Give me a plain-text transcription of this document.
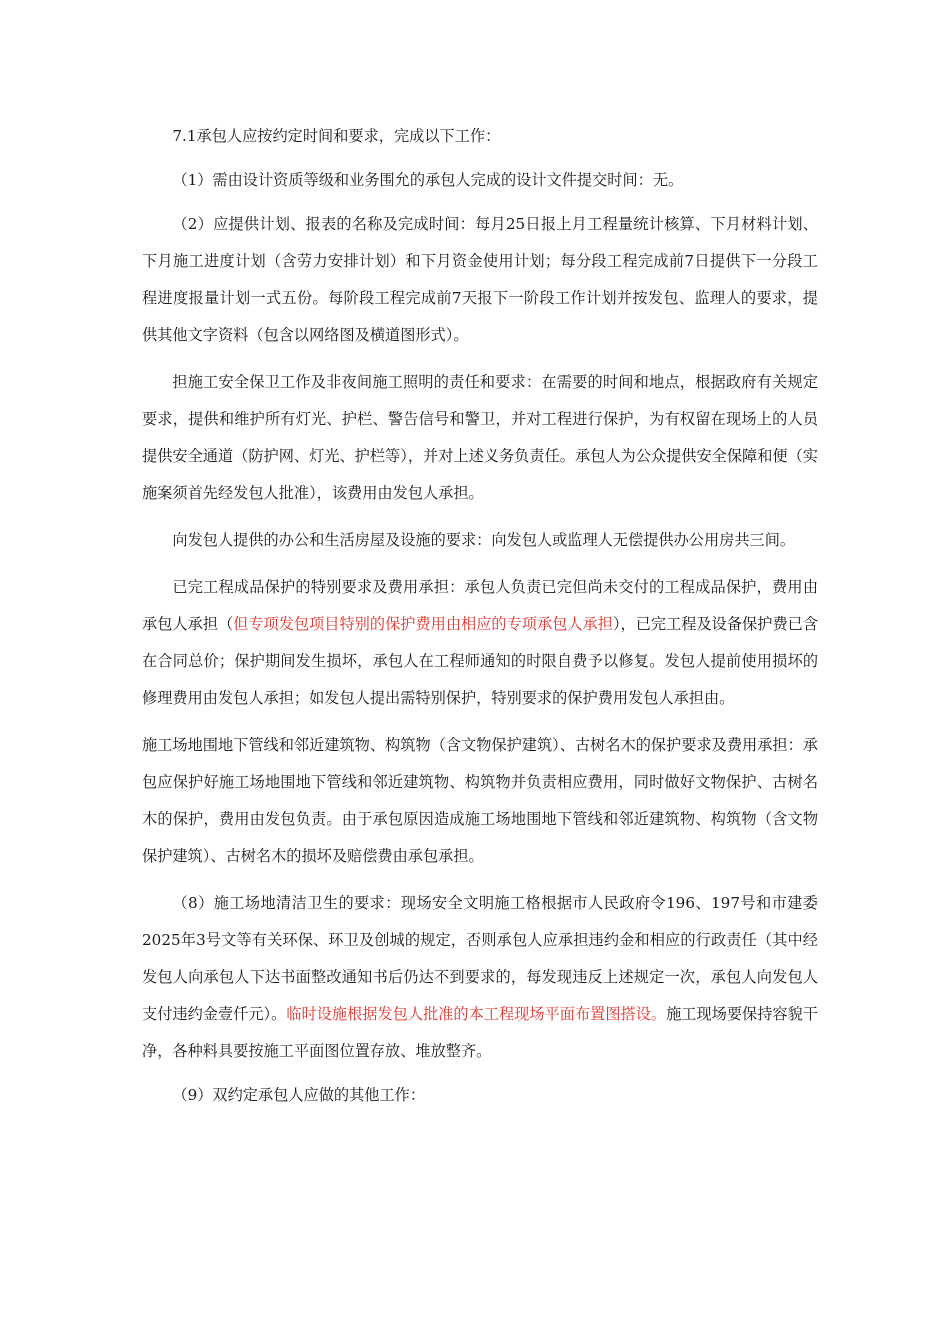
7.1承包人应按约定时间和要求，完成以下工作：

（1）需由设计资质等级和业务围允的承包人完成的设计文件提交时间：无。

（2）应提供计划、报表的名称及完成时间：每月25日报上月工程量统计核算、下月材料计划、下月施工进度计划（含劳力安排计划）和下月资金使用计划；每分段工程完成前7日提供下一分段工程进度报量计划一式五份。每阶段工程完成前7天报下一阶段工作计划并按发包、监理人的要求，提供其他文字资料（包含以网络图及横道图形式）。

担施工安全保卫工作及非夜间施工照明的责任和要求：在需要的时间和地点，根据政府有关规定要求，提供和维护所有灯光、护栏、警告信号和警卫，并对工程进行保护，为有权留在现场上的人员提供安全通道（防护网、灯光、护栏等），并对上述义务负责任。承包人为公众提供安全保障和便（实施案须首先经发包人批准），该费用由发包人承担。

向发包人提供的办公和生活房屋及设施的要求：向发包人或监理人无偿提供办公用房共三间。

已完工程成品保护的特别要求及费用承担：承包人负责已完但尚未交付的工程成品保护，费用由承包人承担（但专项发包项目特别的保护费用由相应的专项承包人承担），已完工程及设备保护费已含在合同总价；保护期间发生损坏，承包人在工程师通知的时限自费予以修复。发包人提前使用损坏的修理费用由发包人承担；如发包人提出需特别保护，特别要求的保护费用发包人承担由。

施工场地围地下管线和邻近建筑物、构筑物（含文物保护建筑）、古树名木的保护要求及费用承担：承包应保护好施工场地围地下管线和邻近建筑物、构筑物并负责相应费用，同时做好文物保护、古树名木的保护，费用由发包负责。由于承包原因造成施工场地围地下管线和邻近建筑物、构筑物（含文物保护建筑）、古树名木的损坏及赔偿费由承包承担。

（8）施工场地清洁卫生的要求：现场安全文明施工格根据市人民政府令196、197号和市建委2025年3号文等有关环保、环卫及创城的规定，否则承包人应承担违约金和相应的行政责任（其中经发包人向承包人下达书面整改通知书后仍达不到要求的，每发现违反上述规定一次，承包人向发包人支付违约金壹仟元）。临时设施根据发包人批准的本工程现场平面布置图搭设。施工现场要保持容貌干净，各种料具要按施工平面图位置存放、堆放整齐。

（9）双约定承包人应做的其他工作：
